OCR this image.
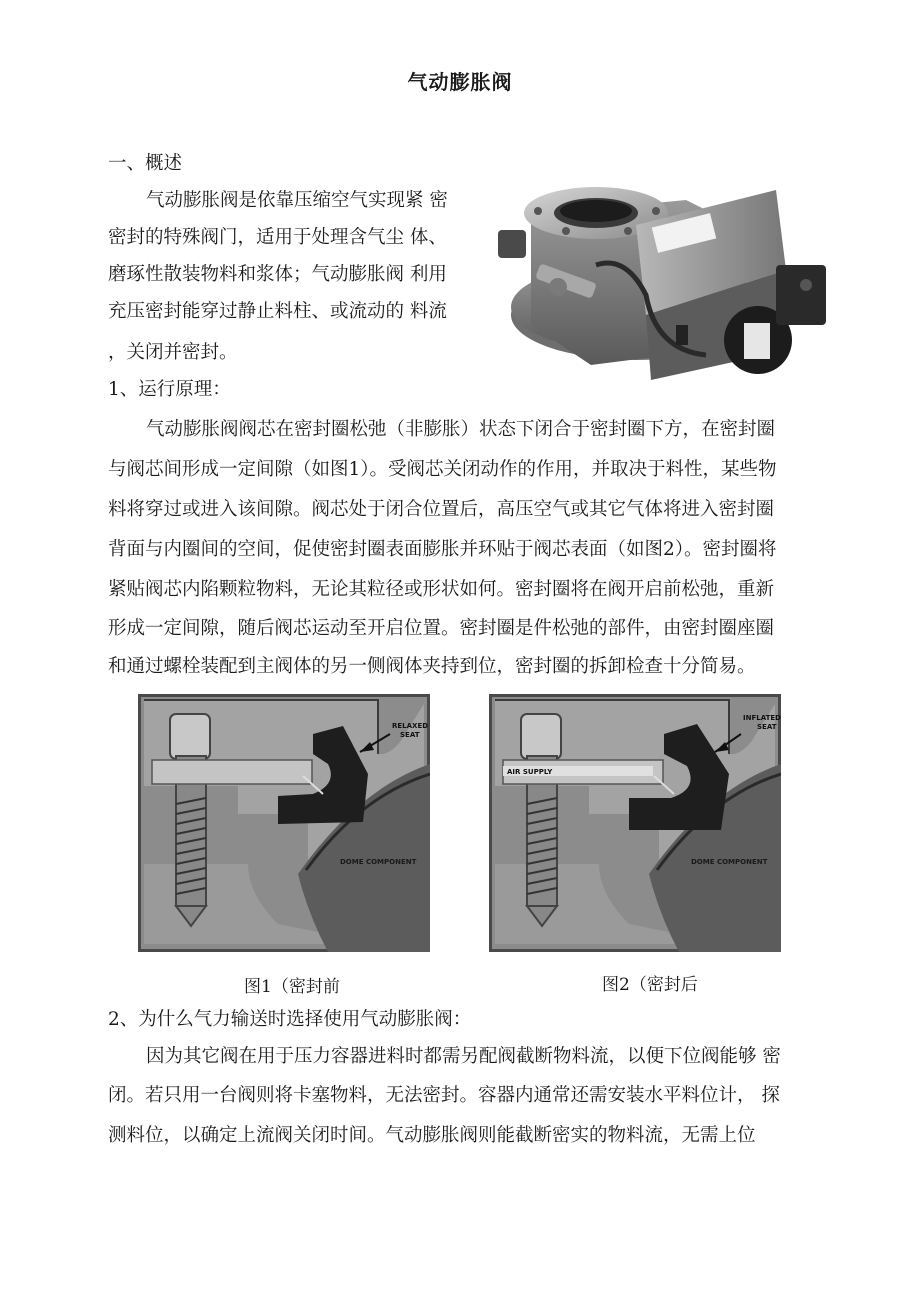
气动膨胀阀
一、概述
气动膨胀阀是依靠压缩空气实现紧 密
密封的特殊阀门，适用于处理含气尘 体、
磨琢性散装物料和浆体；气动膨胀阀 利用
充压密封能穿过静止料柱、或流动的 料流
，关闭并密封。
1、运行原理：
气动膨胀阀阀芯在密封圈松弛（非膨胀）状态下闭合于密封圈下方，在密封圈
与阀芯间形成一定间隙（如图1）。受阀芯关闭动作的作用，并取决于料性，某些物
料将穿过或进入该间隙。阀芯处于闭合位置后，高压空气或其它气体将进入密封圈
背面与内圈间的空间，促使密封圈表面膨胀并环贴于阀芯表面（如图2）。密封圈将
紧贴阀芯内陷颗粒物料，无论其粒径或形状如何。密封圈将在阀开启前松弛，重新
形成一定间隙，随后阀芯运动至开启位置。密封圈是件松弛的部件，由密封圈座圈
和通过螺栓装配到主阀体的另一侧阀体夹持到位，密封圈的拆卸检查十分简易。
RELAXED
SEAT
DOME COMPONENT
INFLATED
SEAT
AIR SUPPLY
DOME COMPONENT
图1（密封前	图2（密封后
2、为什么气力输送时选择使用气动膨胀阀：
因为其它阀在用于压力容器进料时都需另配阀截断物料流，以便下位阀能够 密
闭。若只用一台阀则将卡塞物料，无法密封。容器内通常还需安装水平料位计， 探
测料位，以确定上流阀关闭时间。气动膨胀阀则能截断密实的物料流，无需上位
